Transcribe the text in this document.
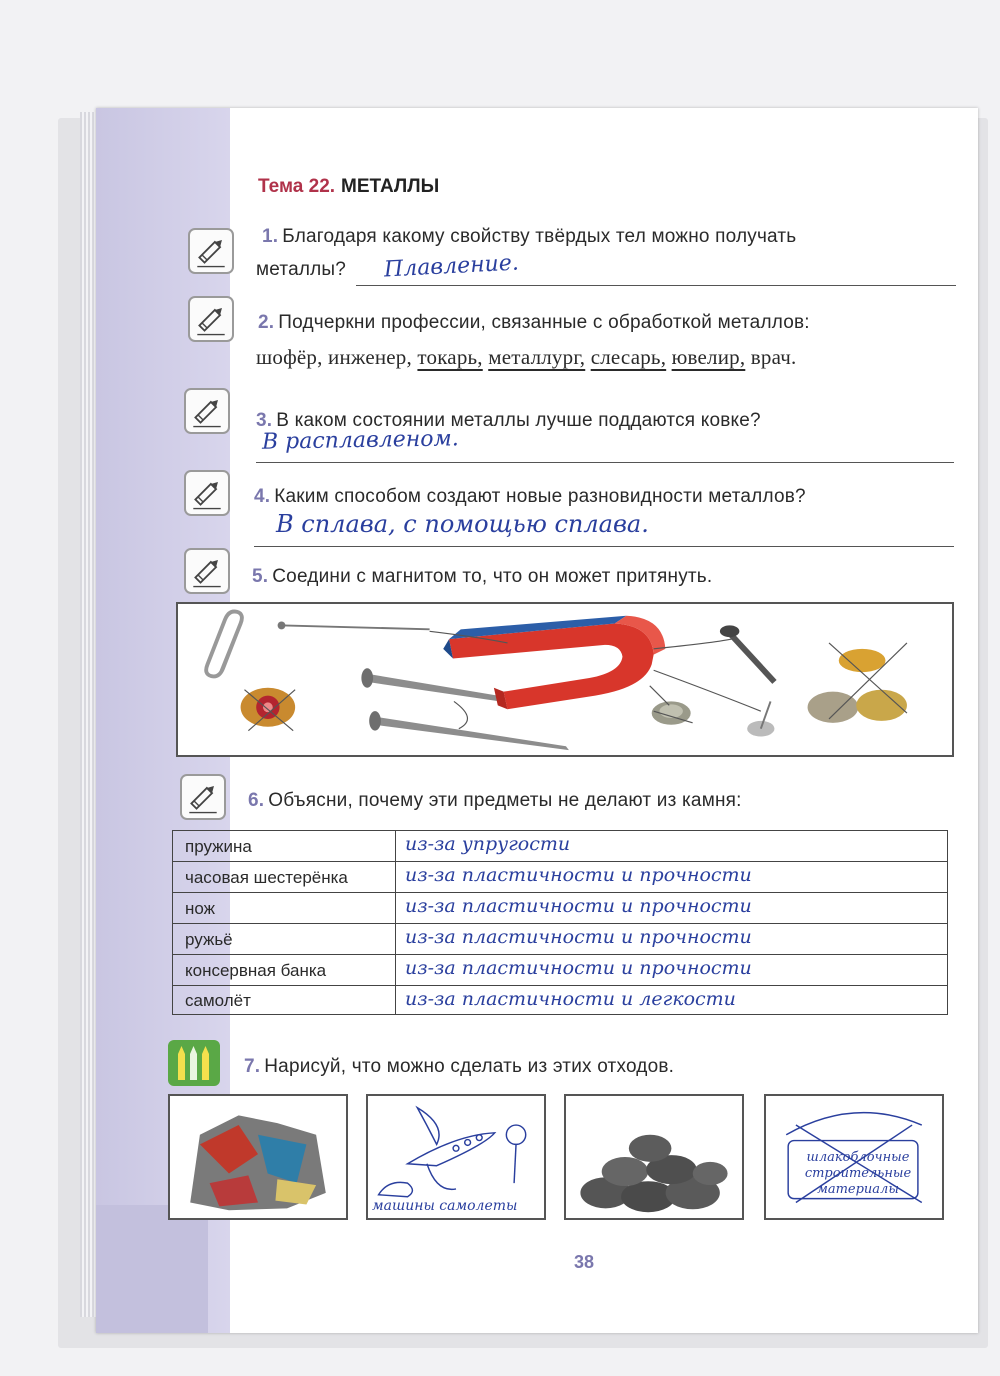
Тема 22. МЕТАЛЛЫ
1. Благодаря какому свойству твёрдых тел можно получать
металлы? Плавление.
2. Подчеркни профессии, связанные с обработкой металлов:
шофёр, инженер, токарь, металлург, слесарь, ювелир, врач.
3. В каком состоянии металлы лучше поддаются ковке?
В расплавленом.
4. Каким способом создают новые разновидности металлов?
В сплава, с помощью сплава.
5. Соедини с магнитом то, что он может притянуть.
6. Объясни, почему эти предметы не делают из камня:
пружина	из-за упругости
часовая шестерёнка	из-за пластичности и прочности
нож	из-за пластичности и прочности
ружьё	из-за пластичности и прочности
консервная банка	из-за пластичности и прочности
самолёт	из-за пластичности и легкости
7. Нарисуй, что можно сделать из этих отходов.
машины самолеты
шлакоблочные строительные материалы
38
